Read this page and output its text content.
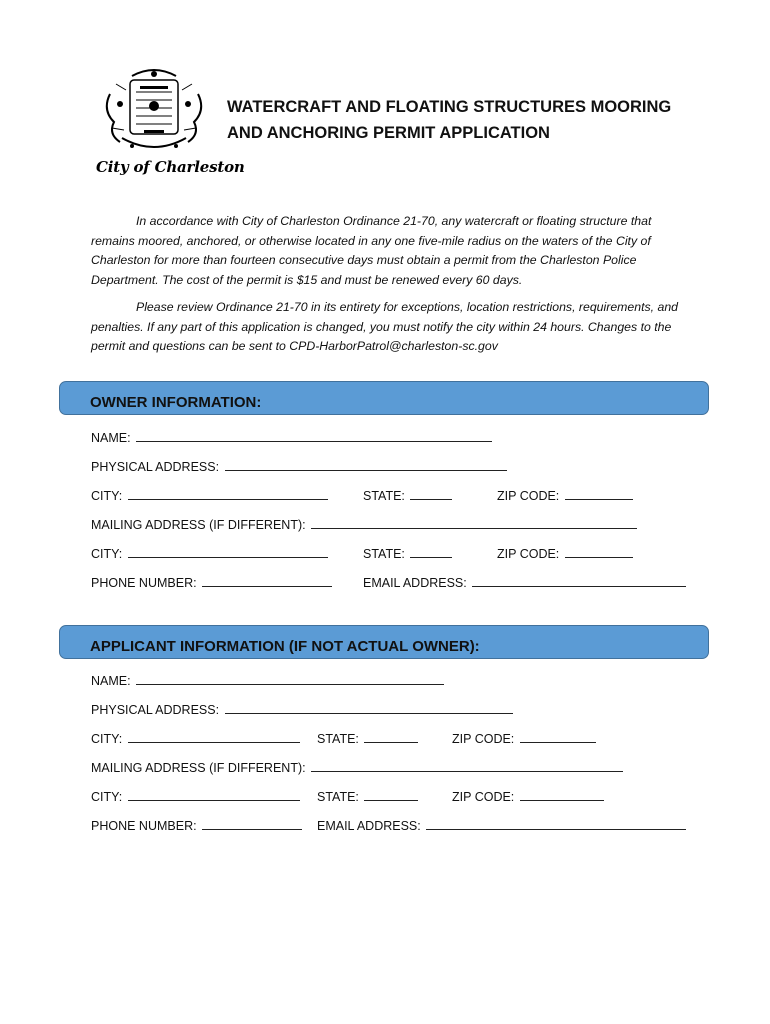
City of Charleston
WATERCRAFT AND FLOATING STRUCTURES MOORING
AND ANCHORING PERMIT APPLICATION

In accordance with City of Charleston Ordinance 21-70, any watercraft or floating structure that remains moored, anchored, or otherwise located in any one five-mile radius on the waters of the City of Charleston for more than fourteen consecutive days must obtain a permit from the Charleston Police Department. The cost of the permit is $15 and must be renewed every 60 days.

Please review Ordinance 21-70 in its entirety for exceptions, location restrictions, requirements, and penalties. If any part of this application is changed, you must notify the city within 24 hours. Changes to the permit and questions can be sent to CPD-HarborPatrol@charleston-sc.gov

OWNER INFORMATION:
NAME:
PHYSICAL ADDRESS:
CITY:	STATE:	ZIP CODE:
MAILING ADDRESS (IF DIFFERENT):
CITY:	STATE:	ZIP CODE:
PHONE NUMBER:	EMAIL ADDRESS:
APPLICANT INFORMATION (IF NOT ACTUAL OWNER):
NAME:
PHYSICAL ADDRESS:
CITY:	STATE:	ZIP CODE:
MAILING ADDRESS (IF DIFFERENT):
CITY:	STATE:	ZIP CODE:
PHONE NUMBER:	EMAIL ADDRESS:
